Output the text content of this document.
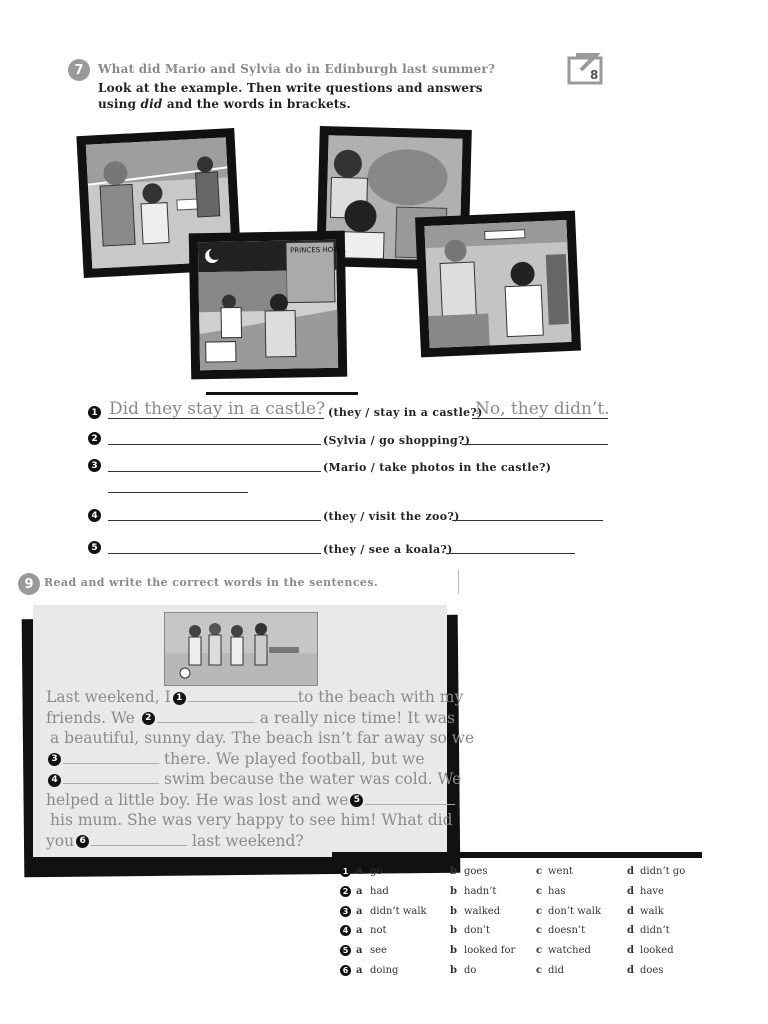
7	What did Mario and Sylvia do in Edinburgh last summer?
Look at the example. Then write questions and answers
using did and the words in brackets.
8
PRINCES HOTEL
1 Did they stay in a castle? (they / stay in a castle?)
No, they didn’t.
2	(Sylvia / go shopping?)
3	(Mario / take photos in the castle?)
4	(they / visit the zoo?)
5	(they / see a koala?)
9 Read and write the correct words in the sentences.
Last weekend, I 1	to the beach with my
friends. We 2	a really nice time! It was
a beautiful, sunny day. The beach isn’t far away so we
3	there. We played football, but we
4	swim because the water was cold. We
helped a little boy. He was lost and we 5
his mum. She was very happy to see him! What did
you 6	last weekend?
1 a go	b goes	c went	d didn’t go
2 a had	b hadn’t	c has	d have
3 a didn’t walk b walked	c don’t walk	d walk
4 a not	b don’t	c doesn’t	d didn’t
5 a see	b looked for c watched	d looked
6 a doing	b do	c did	d does
